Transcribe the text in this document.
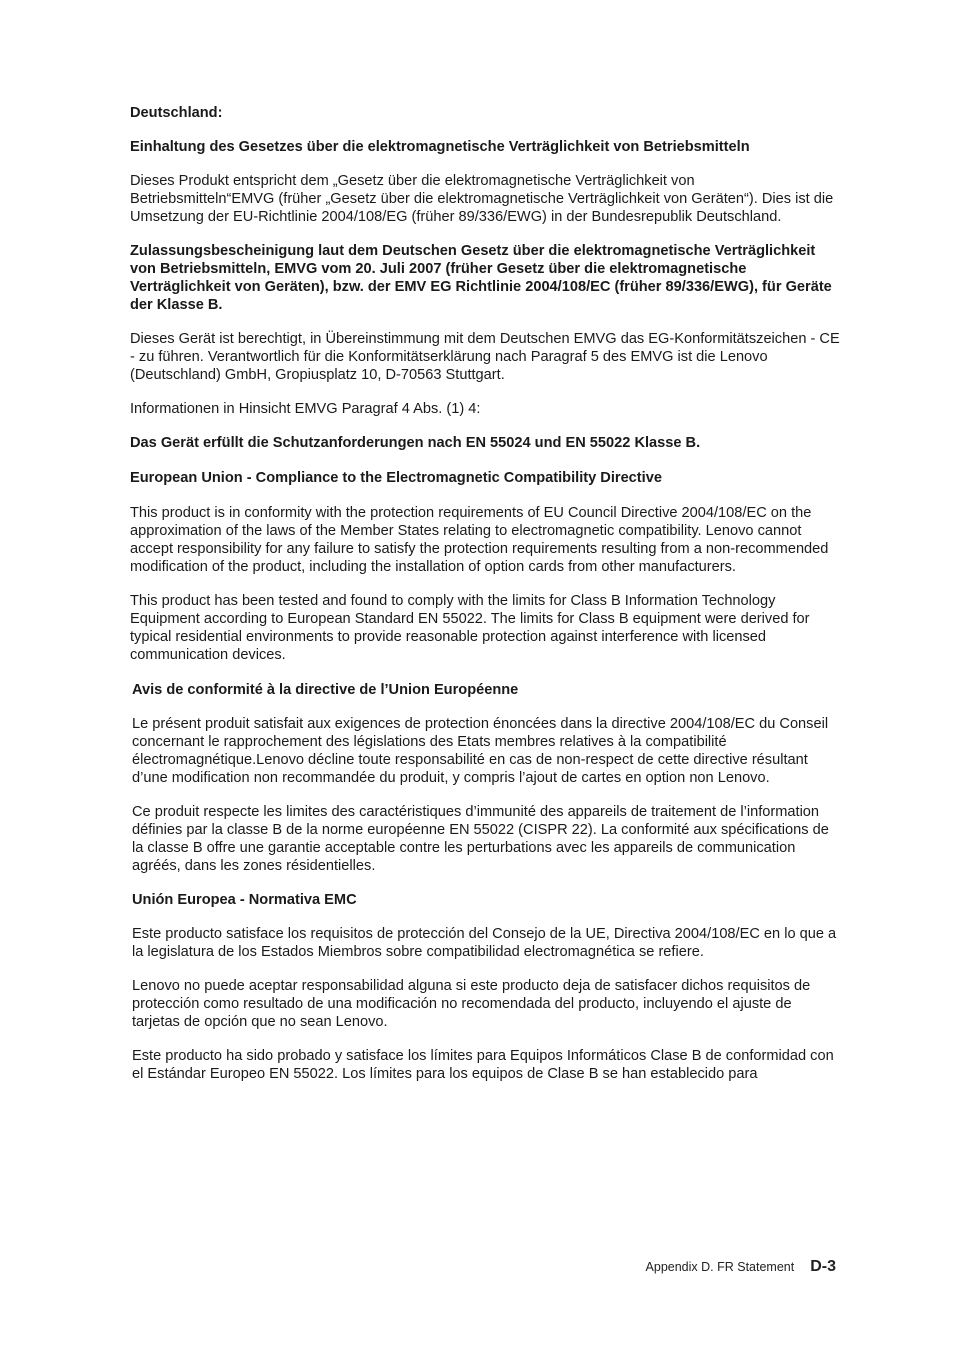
Deutschland:

Einhaltung des Gesetzes über die elektromagnetische Verträglichkeit von Betriebsmitteln

Dieses Produkt entspricht dem „Gesetz über die elektromagnetische Verträglichkeit von Betriebsmitteln“EMVG (früher „Gesetz über die elektromagnetische Verträglichkeit von Geräten“). Dies ist die Umsetzung der EU-Richtlinie 2004/108/EG (früher 89/336/EWG) in der Bundesrepublik Deutschland.

Zulassungsbescheinigung laut dem Deutschen Gesetz über die elektromagnetische Verträglichkeit von Betriebsmitteln, EMVG vom 20. Juli 2007 (früher Gesetz über die elektromagnetische Verträglichkeit von Geräten), bzw. der EMV EG Richtlinie 2004/108/EC (früher 89/336/EWG), für Geräte der Klasse B.

Dieses Gerät ist berechtigt, in Übereinstimmung mit dem Deutschen EMVG das EG-Konformitätszeichen - CE - zu führen. Verantwortlich für die Konformitätserklärung nach Paragraf 5 des EMVG ist die Lenovo (Deutschland) GmbH, Gropiusplatz 10, D-70563 Stuttgart.

Informationen in Hinsicht EMVG Paragraf 4 Abs. (1) 4:

Das Gerät erfüllt die Schutzanforderungen nach EN 55024 und EN 55022 Klasse B.

European Union - Compliance to the Electromagnetic Compatibility Directive

This product is in conformity with the protection requirements of EU Council Directive 2004/108/EC on the approximation of the laws of the Member States relating to electromagnetic compatibility. Lenovo cannot accept responsibility for any failure to satisfy the protection requirements resulting from a non-recommended modification of the product, including the installation of option cards from other manufacturers.

This product has been tested and found to comply with the limits for Class B Information Technology Equipment according to European Standard EN 55022. The limits for Class B equipment were derived for typical residential environments to provide reasonable protection against interference with licensed communication devices.

Avis de conformité à la directive de l’Union Européenne

Le présent produit satisfait aux exigences de protection énoncées dans la directive 2004/108/EC du Conseil concernant le rapprochement des législations des Etats membres relatives à la compatibilité électromagnétique.Lenovo décline toute responsabilité en cas de non-respect de cette directive résultant d’une modification non recommandée du produit, y compris l’ajout de cartes en option non Lenovo.

Ce produit respecte les limites des caractéristiques d’immunité des appareils de traitement de l’information définies par la classe B de la norme européenne EN 55022 (CISPR 22). La conformité aux spécifications de la classe B offre une garantie acceptable contre les perturbations avec les appareils de communication agréés, dans les zones résidentielles.

Unión Europea - Normativa EMC

Este producto satisface los requisitos de protección del Consejo de la UE, Directiva 2004/108/EC en lo que a la legislatura de los Estados Miembros sobre compatibilidad electromagnética se refiere.

Lenovo no puede aceptar responsabilidad alguna si este producto deja de satisfacer dichos requisitos de protección como resultado de una modificación no recomendada del producto, incluyendo el ajuste de tarjetas de opción que no sean Lenovo.

Este producto ha sido probado y satisface los límites para Equipos Informáticos Clase B de conformidad con el Estándar Europeo EN 55022. Los límites para los equipos de Clase B se han establecido para

Appendix D. FR Statement D-3
